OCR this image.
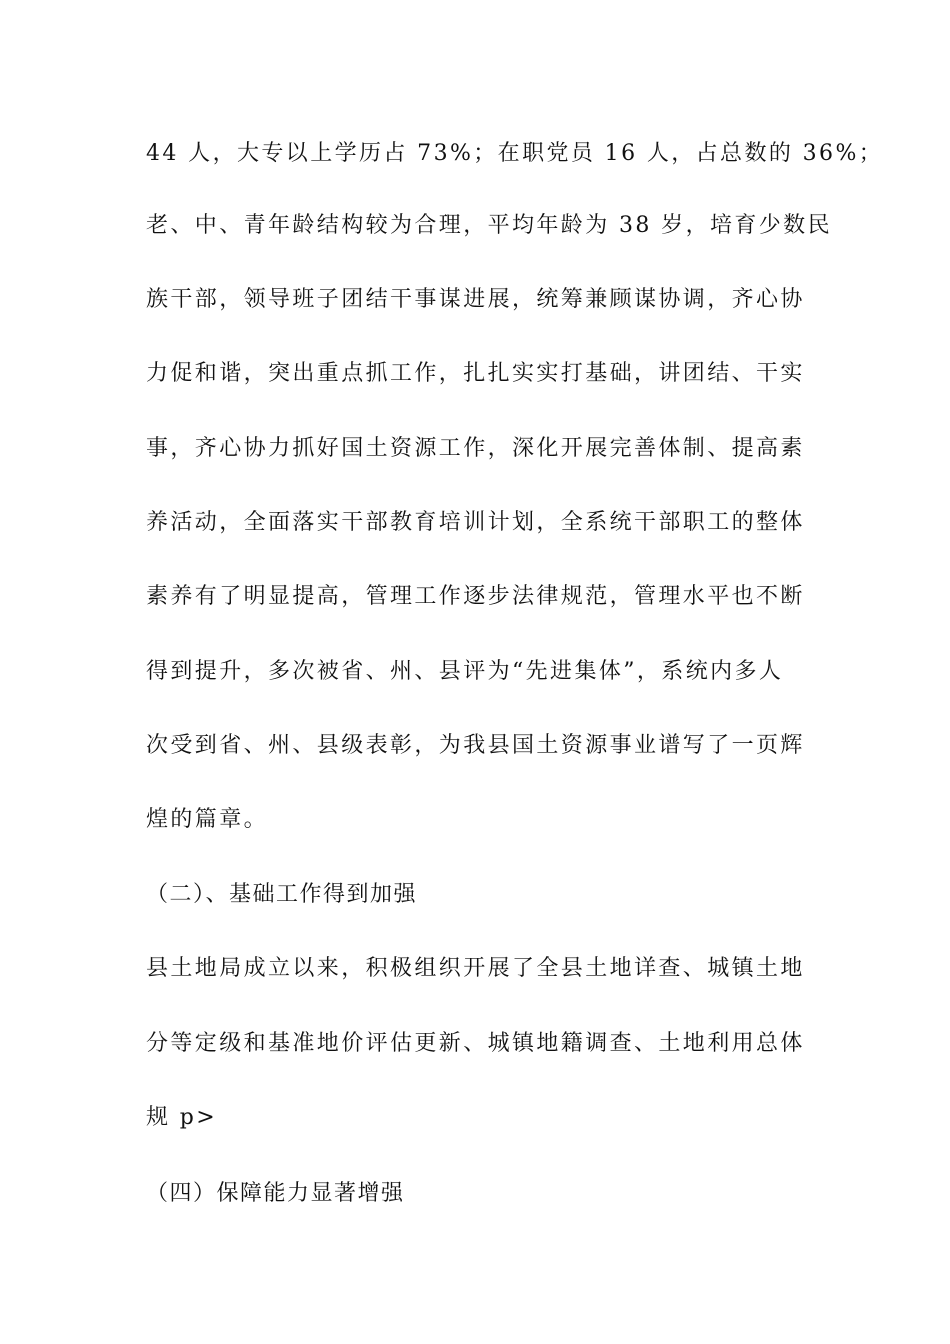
44 人，大专以上学历占 73%；在职党员 16 人，占总数的 36%；
老、中、青年龄结构较为合理，平均年龄为 38 岁，培育少数民
族干部，领导班子团结干事谋进展，统筹兼顾谋协调，齐心协
力促和谐，突出重点抓工作，扎扎实实打基础，讲团结、干实
事，齐心协力抓好国土资源工作，深化开展完善体制、提高素
养活动，全面落实干部教育培训计划，全系统干部职工的整体
素养有了明显提高，管理工作逐步法律规范，管理水平也不断
得到提升，多次被省、州、县评为“先进集体”，系统内多人
次受到省、州、县级表彰，为我县国土资源事业谱写了一页辉
煌的篇章。
（二）、基础工作得到加强
县土地局成立以来，积极组织开展了全县土地详查、城镇土地
分等定级和基准地价评估更新、城镇地籍调查、土地利用总体
规 p>
（四）保障能力显著增强
